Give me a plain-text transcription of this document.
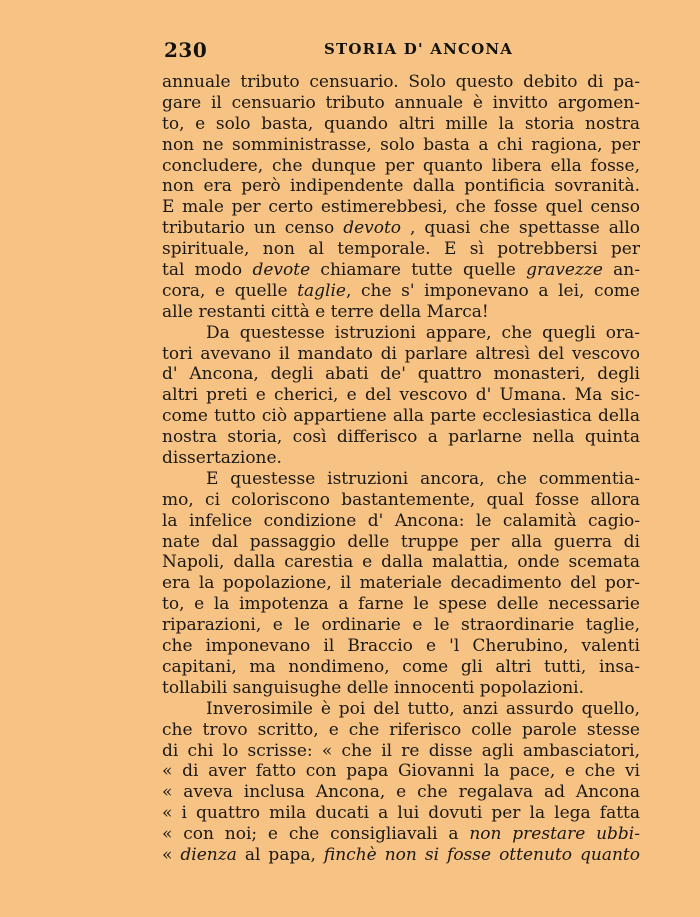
230	STORIA D' ANCONA
annuale tributo censuario. Solo questo debito di pa-
gare il censuario tributo annuale è invitto argomen-
to, e solo basta, quando altri mille la storia nostra
non ne somministrasse, solo basta a chi ragiona, per
concludere, che dunque per quanto libera ella fosse,
non era però indipendente dalla pontificia sovranità.
E male per certo estimerebbesi, che fosse quel censo
tributario un censo devoto , quasi che spettasse allo
spirituale, non al temporale. E sì potrebbersi per
tal modo devote chiamare tutte quelle gravezze an-
cora, e quelle taglie, che s' imponevano a lei, come
alle restanti città e terre della Marca!
Da questesse istruzioni appare, che quegli ora-
tori avevano il mandato di parlare altresì del vescovo
d' Ancona, degli abati de' quattro monasteri, degli
altri preti e cherici, e del vescovo d' Umana. Ma sic-
come tutto ciò appartiene alla parte ecclesiastica della
nostra storia, così differisco a parlarne nella quinta
dissertazione.
E questesse istruzioni ancora, che commentia-
mo, ci coloriscono bastantemente, qual fosse allora
la infelice condizione d' Ancona: le calamità cagio-
nate dal passaggio delle truppe per alla guerra di
Napoli, dalla carestia e dalla malattia, onde scemata
era la popolazione, il materiale decadimento del por-
to, e la impotenza a farne le spese delle necessarie
riparazioni, e le ordinarie e le straordinarie taglie,
che imponevano il Braccio e 'l Cherubino, valenti
capitani, ma nondimeno, come gli altri tutti, insa-
tollabili sanguisughe delle innocenti popolazioni.
Inverosimile è poi del tutto, anzi assurdo quello,
che trovo scritto, e che riferisco colle parole stesse
di chi lo scrisse: « che il re disse agli ambasciatori,
« di aver fatto con papa Giovanni la pace, e che vi
« aveva inclusa Ancona, e che regalava ad Ancona
« i quattro mila ducati a lui dovuti per la lega fatta
« con noi; e che consigliavali a non prestare ubbi-
« dienza al papa, finchè non si fosse ottenuto quanto
